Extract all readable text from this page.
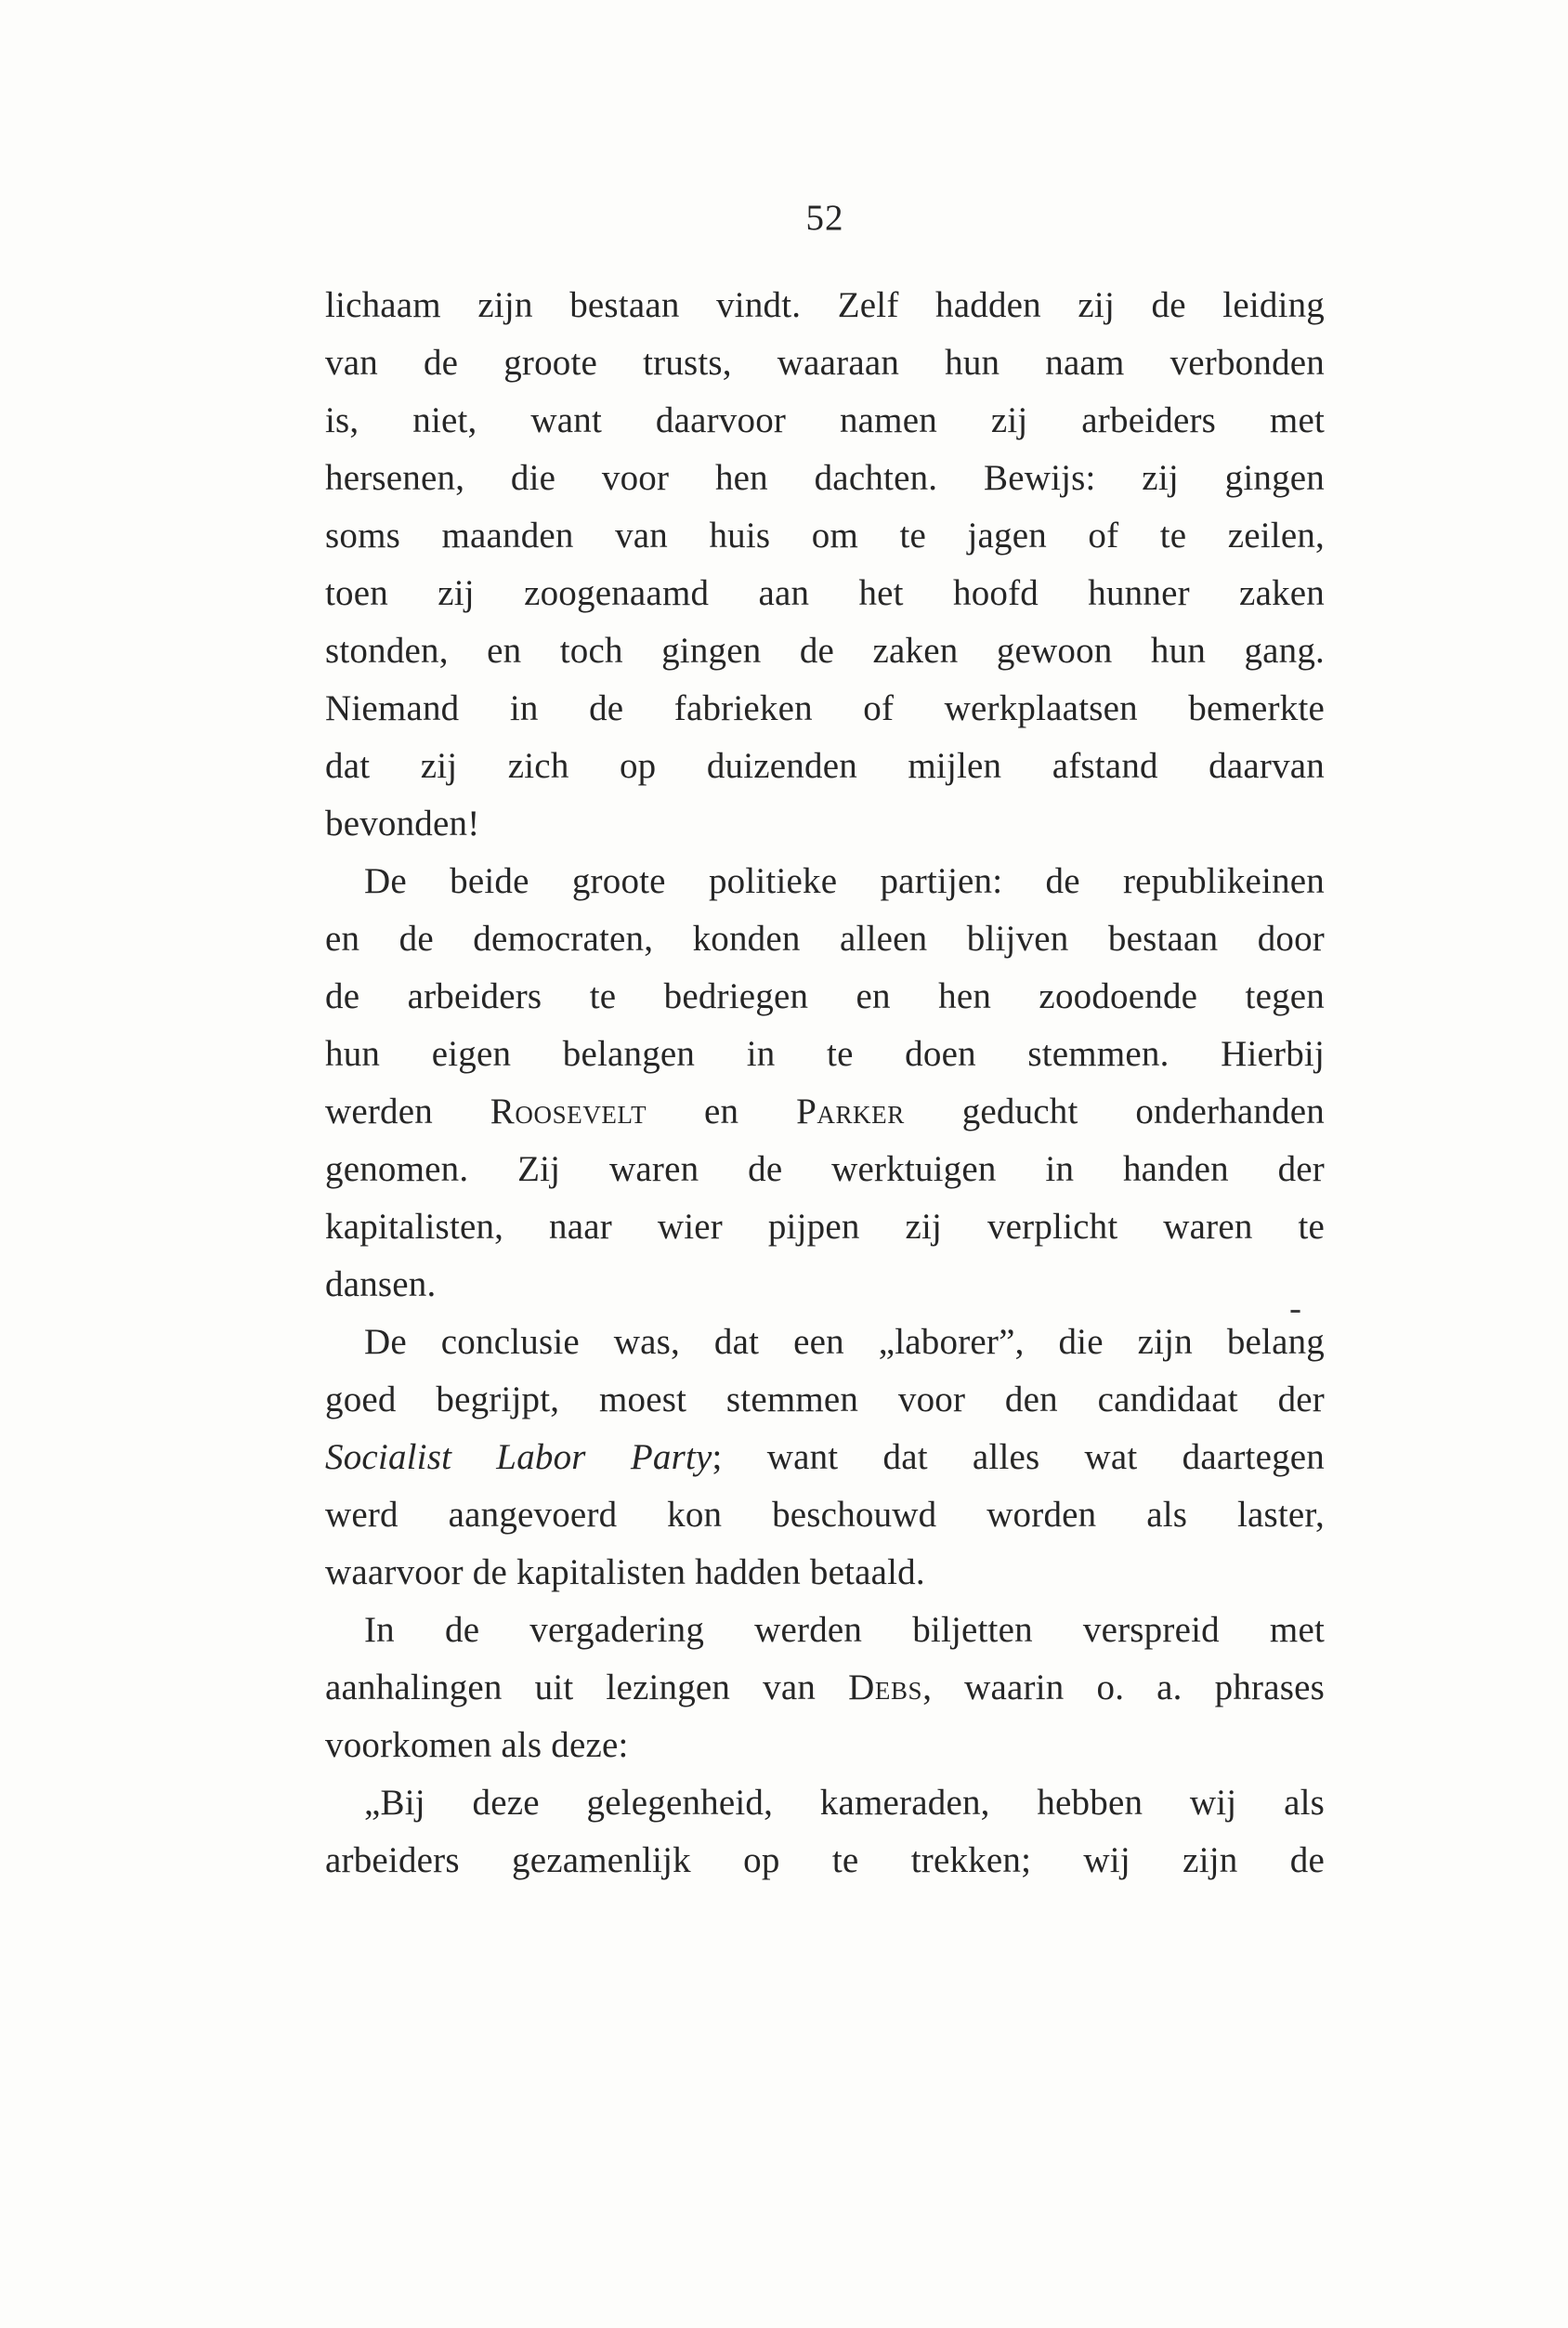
52
lichaam zijn bestaan vindt. Zelf hadden zij de leiding
van de groote trusts, waaraan hun naam verbonden
is, niet, want daarvoor namen zij arbeiders met
hersenen, die voor hen dachten. Bewijs: zij gingen
soms maanden van huis om te jagen of te zeilen,
toen zij zoogenaamd aan het hoofd hunner zaken
stonden, en toch gingen de zaken gewoon hun gang.
Niemand in de fabrieken of werkplaatsen bemerkte
dat zij zich op duizenden mijlen afstand daarvan
bevonden!
De beide groote politieke partijen: de republikeinen
en de democraten, konden alleen blijven bestaan door
de arbeiders te bedriegen en hen zoodoende tegen
hun eigen belangen in te doen stemmen. Hierbij
werden Roosevelt en Parker geducht onderhanden
genomen. Zij waren de werktuigen in handen der
kapitalisten, naar wier pijpen zij verplicht waren te
dansen.
De conclusie was, dat een „laborer”, die zijn belang
goed begrijpt, moest stemmen voor den candidaat der
Socialist Labor Party; want dat alles wat daartegen
werd aangevoerd kon beschouwd worden als laster,
waarvoor de kapitalisten hadden betaald.
In de vergadering werden biljetten verspreid met
aanhalingen uit lezingen van Debs, waarin o. a. phrases
voorkomen als deze:
„Bij deze gelegenheid, kameraden, hebben wij als
arbeiders gezamenlijk op te trekken; wij zijn de
-
